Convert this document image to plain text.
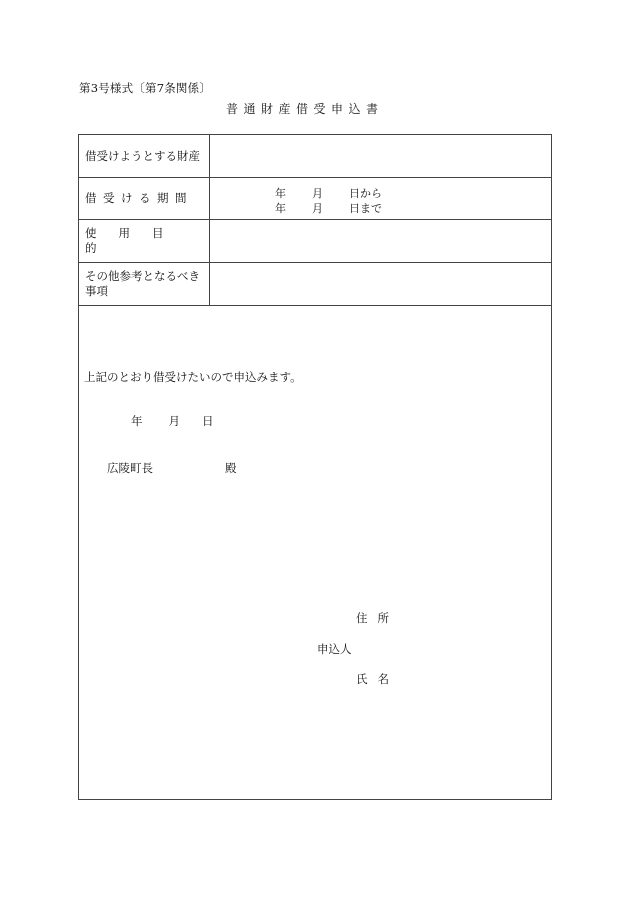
第3号様式〔第7条関係〕
普通財産借受申込書
借受けようとする財産
借受ける期間	年 月 日から
年 月 日まで
使用目的
その他参考となるべき事項
上記のとおり借受けたいので申込みます。
年 月 日
広陵町長	殿
住所
申込人
氏名
